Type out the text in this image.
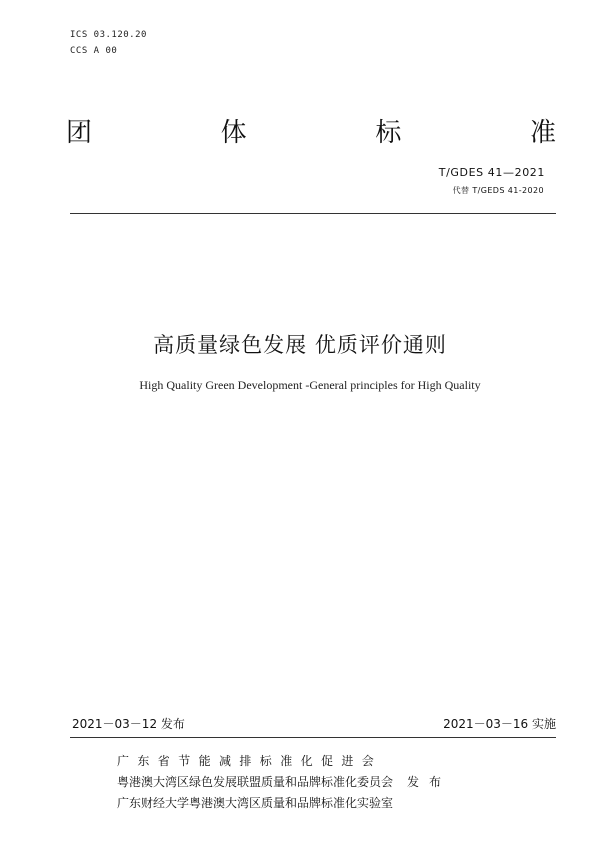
ICS 03.120.20
CCS A 00
团	体	标	准
T/GDES 41—2021
代替 T/GEDS 41-2020
高质量绿色发展 优质评价通则
High Quality Green Development -General principles for High Quality
2021－03－12 发布	2021－03－16 实施
广东省节能减排标准化促进会
粤港澳大湾区绿色发展联盟质量和品牌标准化委员会 发布
广东财经大学粤港澳大湾区质量和品牌标准化实验室
